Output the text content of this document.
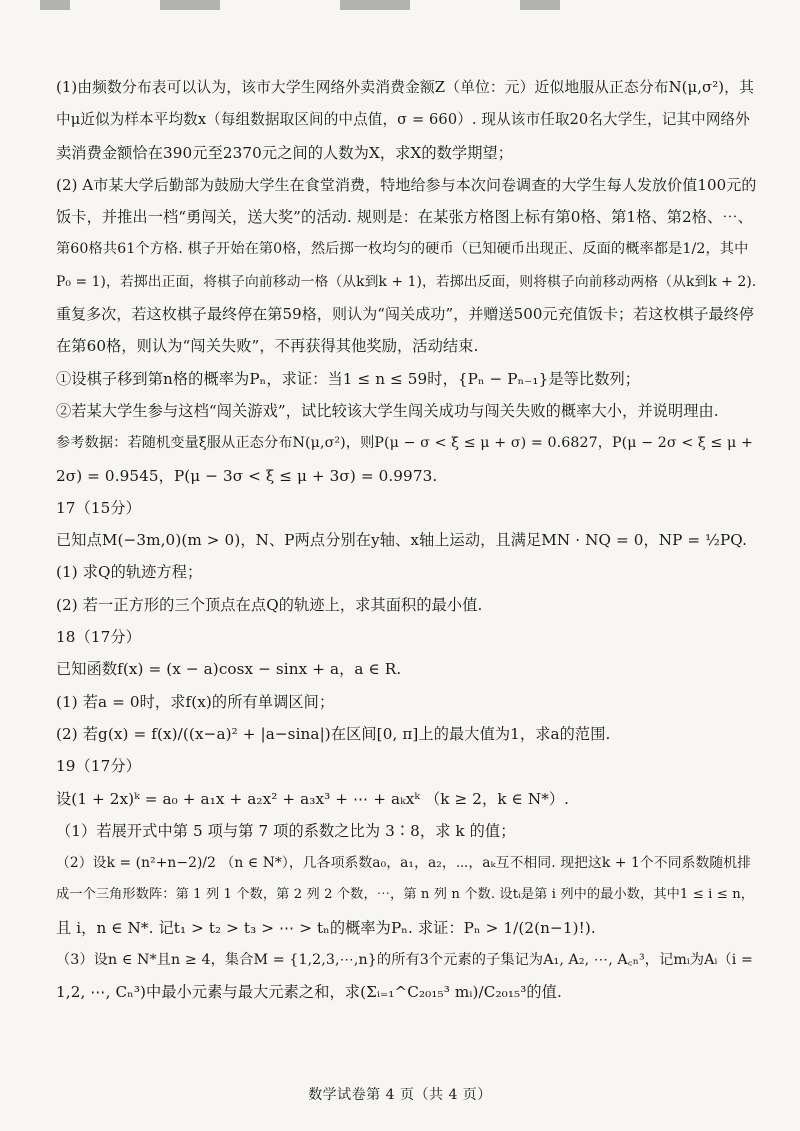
(1)由频数分布表可以认为，该市大学生网络外卖消费金额Z（单位：元）近似地服从正态分布N(μ,σ²)，其
中μ近似为样本平均数x（每组数据取区间的中点值，σ = 660）. 现从该市任取20名大学生，记其中网络外
卖消费金额恰在390元至2370元之间的人数为X，求X的数学期望；
(2) A市某大学后勤部为鼓励大学生在食堂消费，特地给参与本次问卷调查的大学生每人发放价值100元的
饭卡，并推出一档“勇闯关，送大奖”的活动. 规则是：在某张方格图上标有第0格、第1格、第2格、⋯、
第60格共61个方格. 棋子开始在第0格，然后掷一枚均匀的硬币（已知硬币出现正、反面的概率都是1/2，其中
P₀ = 1)，若掷出正面，将棋子向前移动一格（从k到k + 1)，若掷出反面，则将棋子向前移动两格（从k到k + 2).
重复多次，若这枚棋子最终停在第59格，则认为“闯关成功”，并赠送500元充值饭卡；若这枚棋子最终停
在第60格，则认为“闯关失败”，不再获得其他奖励，活动结束.
①设棋子移到第n格的概率为Pₙ，求证：当1 ≤ n ≤ 59时，{Pₙ − Pₙ₋₁}是等比数列；
②若某大学生参与这档“闯关游戏”，试比较该大学生闯关成功与闯关失败的概率大小，并说明理由.
参考数据：若随机变量ξ服从正态分布N(μ,σ²)，则P(μ − σ < ξ ≤ μ + σ) = 0.6827，P(μ − 2σ < ξ ≤ μ +
2σ) = 0.9545，P(μ − 3σ < ξ ≤ μ + 3σ) = 0.9973.
17（15分）
已知点M(−3m,0)(m > 0)，N、P两点分别在y轴、x轴上运动，且满足MN · NQ = 0，NP = ½PQ.
(1) 求Q的轨迹方程；
(2) 若一正方形的三个顶点在点Q的轨迹上，求其面积的最小值.
18（17分）
已知函数f(x) = (x − a)cosx − sinx + a，a ∈ R.
(1) 若a = 0时，求f(x)的所有单调区间；
(2) 若g(x) = f(x)/((x−a)² + |a−sina|)在区间[0, π]上的最大值为1，求a的范围.
19（17分）
设(1 + 2x)ᵏ = a₀ + a₁x + a₂x² + a₃x³ + ⋯ + aₖxᵏ （k ≥ 2，k ∈ N*）.
（1）若展开式中第 5 项与第 7 项的系数之比为 3∶8，求 k 的值；
（2）设k = (n²+n−2)/2 （n ∈ N*），几各项系数a₀，a₁，a₂，⋯，aₖ互不相同. 现把这k + 1个不同系数随机排
成一个三角形数阵：第 1 列 1 个数，第 2 列 2 个数，⋯，第 n 列 n 个数. 设tᵢ是第 i 列中的最小数，其中1 ≤ i ≤ n，
且 i，n ∈ N*. 记t₁ > t₂ > t₃ > ⋯ > tₙ的概率为Pₙ. 求证：Pₙ > 1/(2(n−1)!).
（3）设n ∈ N*且n ≥ 4，集合M = {1,2,3,⋯,n}的所有3个元素的子集记为A₁, A₂, ⋯, A꜀ₙ³，记mᵢ为Aᵢ（i =
1,2, ⋯, Cₙ³)中最小元素与最大元素之和，求(Σᵢ₌₁^C₂₀₁₅³ mᵢ)/C₂₀₁₅³的值.
数学试卷第 4 页（共 4 页）
